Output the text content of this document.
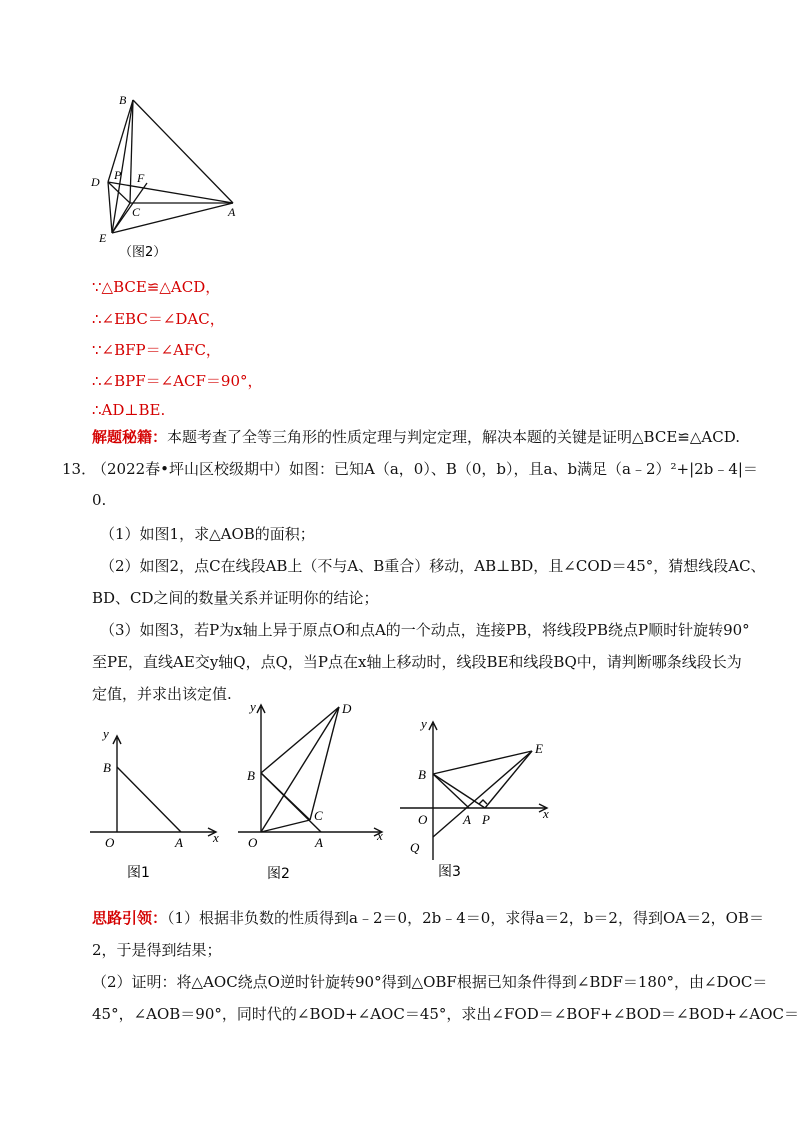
B
D P F
C	A
E
（图2）
∵△BCE≌△ACD，
∴∠EBC＝∠DAC，
∵∠BFP＝∠AFC，
∴∠BPF＝∠ACF＝90°，
∴AD⊥BE.
解题秘籍：本题考查了全等三角形的性质定理与判定定理，解决本题的关键是证明△BCE≌△ACD.
13．
（2022春•坪山区校级期中）如图：已知A（a，0）、B（0，b），且a、b满足（a﹣2）²+|2b﹣4|＝
0.
（1）如图1，求△AOB的面积；
（2）如图2，点C在线段AB上（不与A、B重合）移动，AB⊥BD，且∠COD＝45°，猜想线段AC、
BD、CD之间的数量关系并证明你的结论；
（3）如图3，若P为x轴上异于原点O和点A的一个动点，连接PB，将线段PB绕点P顺时针旋转90°
至PE，直线AE交y轴Q，点Q，当P点在x轴上移动时，线段BE和线段BQ中，请判断哪条线段长为
定值，并求出该定值.
y
x
B
O	A
图1
y
x
B
D
C
O	A
图2
y
x
B
E
O	A P
Q
图3
思路引领：（1）根据非负数的性质得到a﹣2＝0，2b﹣4＝0，求得a＝2，b＝2，得到OA＝2，OB＝
2，于是得到结果；
（2）证明：将△AOC绕点O逆时针旋转90°得到△OBF根据已知条件得到∠BDF＝180°，由∠DOC＝
45°，∠AOB＝90°，同时代的∠BOD+∠AOC＝45°，求出∠FOD＝∠BOF+∠BOD＝∠BOD+∠AOC＝
